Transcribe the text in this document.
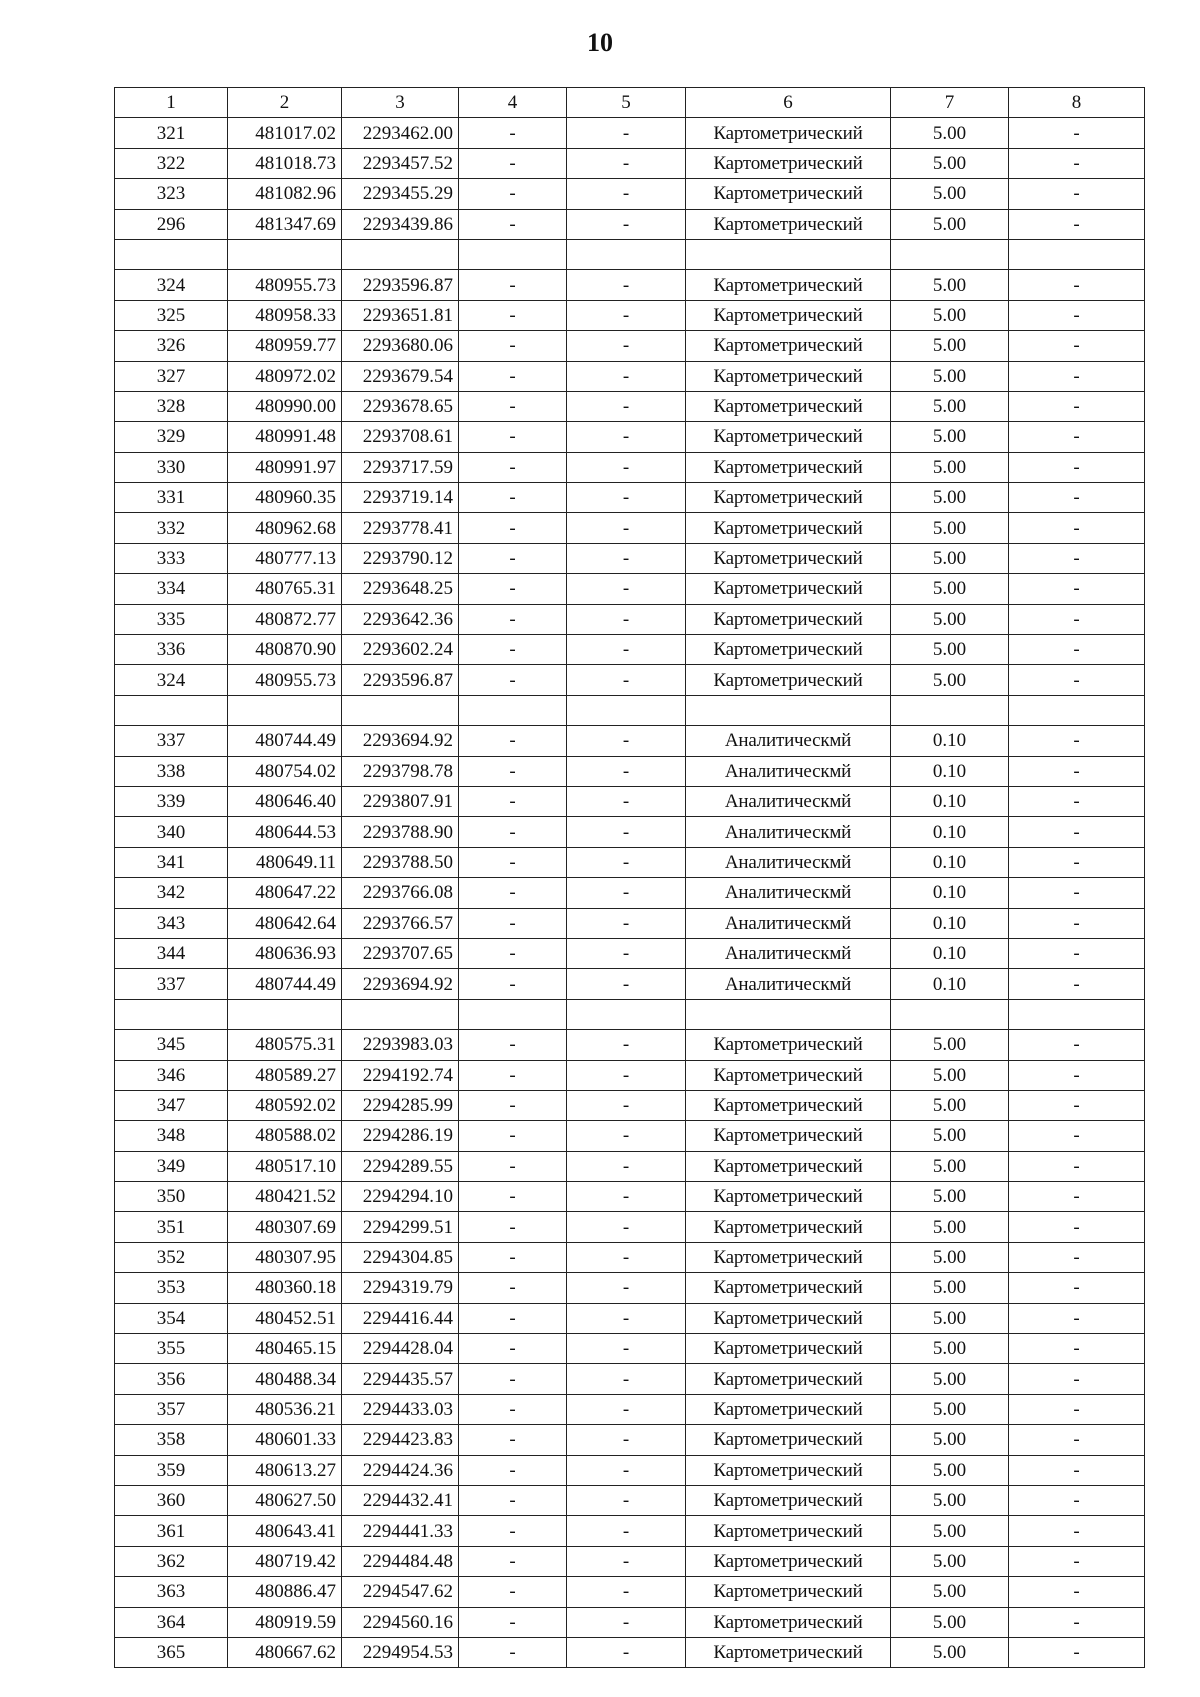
10
1	2	3	4	5	6	7	8
321	481017.02	2293462.00	-	-	Картометрический	5.00	-
322	481018.73	2293457.52	-	-	Картометрический	5.00	-
323	481082.96	2293455.29	-	-	Картометрический	5.00	-
296	481347.69	2293439.86	-	-	Картометрический	5.00	-

324	480955.73	2293596.87	-	-	Картометрический	5.00	-
325	480958.33	2293651.81	-	-	Картометрический	5.00	-
326	480959.77	2293680.06	-	-	Картометрический	5.00	-
327	480972.02	2293679.54	-	-	Картометрический	5.00	-
328	480990.00	2293678.65	-	-	Картометрический	5.00	-
329	480991.48	2293708.61	-	-	Картометрический	5.00	-
330	480991.97	2293717.59	-	-	Картометрический	5.00	-
331	480960.35	2293719.14	-	-	Картометрический	5.00	-
332	480962.68	2293778.41	-	-	Картометрический	5.00	-
333	480777.13	2293790.12	-	-	Картометрический	5.00	-
334	480765.31	2293648.25	-	-	Картометрический	5.00	-
335	480872.77	2293642.36	-	-	Картометрический	5.00	-
336	480870.90	2293602.24	-	-	Картометрический	5.00	-
324	480955.73	2293596.87	-	-	Картометрический	5.00	-

337	480744.49	2293694.92	-	-	Аналитическмй	0.10	-
338	480754.02	2293798.78	-	-	Аналитическмй	0.10	-
339	480646.40	2293807.91	-	-	Аналитическмй	0.10	-
340	480644.53	2293788.90	-	-	Аналитическмй	0.10	-
341	480649.11	2293788.50	-	-	Аналитическмй	0.10	-
342	480647.22	2293766.08	-	-	Аналитическмй	0.10	-
343	480642.64	2293766.57	-	-	Аналитическмй	0.10	-
344	480636.93	2293707.65	-	-	Аналитическмй	0.10	-
337	480744.49	2293694.92	-	-	Аналитическмй	0.10	-

345	480575.31	2293983.03	-	-	Картометрический	5.00	-
346	480589.27	2294192.74	-	-	Картометрический	5.00	-
347	480592.02	2294285.99	-	-	Картометрический	5.00	-
348	480588.02	2294286.19	-	-	Картометрический	5.00	-
349	480517.10	2294289.55	-	-	Картометрический	5.00	-
350	480421.52	2294294.10	-	-	Картометрический	5.00	-
351	480307.69	2294299.51	-	-	Картометрический	5.00	-
352	480307.95	2294304.85	-	-	Картометрический	5.00	-
353	480360.18	2294319.79	-	-	Картометрический	5.00	-
354	480452.51	2294416.44	-	-	Картометрический	5.00	-
355	480465.15	2294428.04	-	-	Картометрический	5.00	-
356	480488.34	2294435.57	-	-	Картометрический	5.00	-
357	480536.21	2294433.03	-	-	Картометрический	5.00	-
358	480601.33	2294423.83	-	-	Картометрический	5.00	-
359	480613.27	2294424.36	-	-	Картометрический	5.00	-
360	480627.50	2294432.41	-	-	Картометрический	5.00	-
361	480643.41	2294441.33	-	-	Картометрический	5.00	-
362	480719.42	2294484.48	-	-	Картометрический	5.00	-
363	480886.47	2294547.62	-	-	Картометрический	5.00	-
364	480919.59	2294560.16	-	-	Картометрический	5.00	-
365	480667.62	2294954.53	-	-	Картометрический	5.00	-
